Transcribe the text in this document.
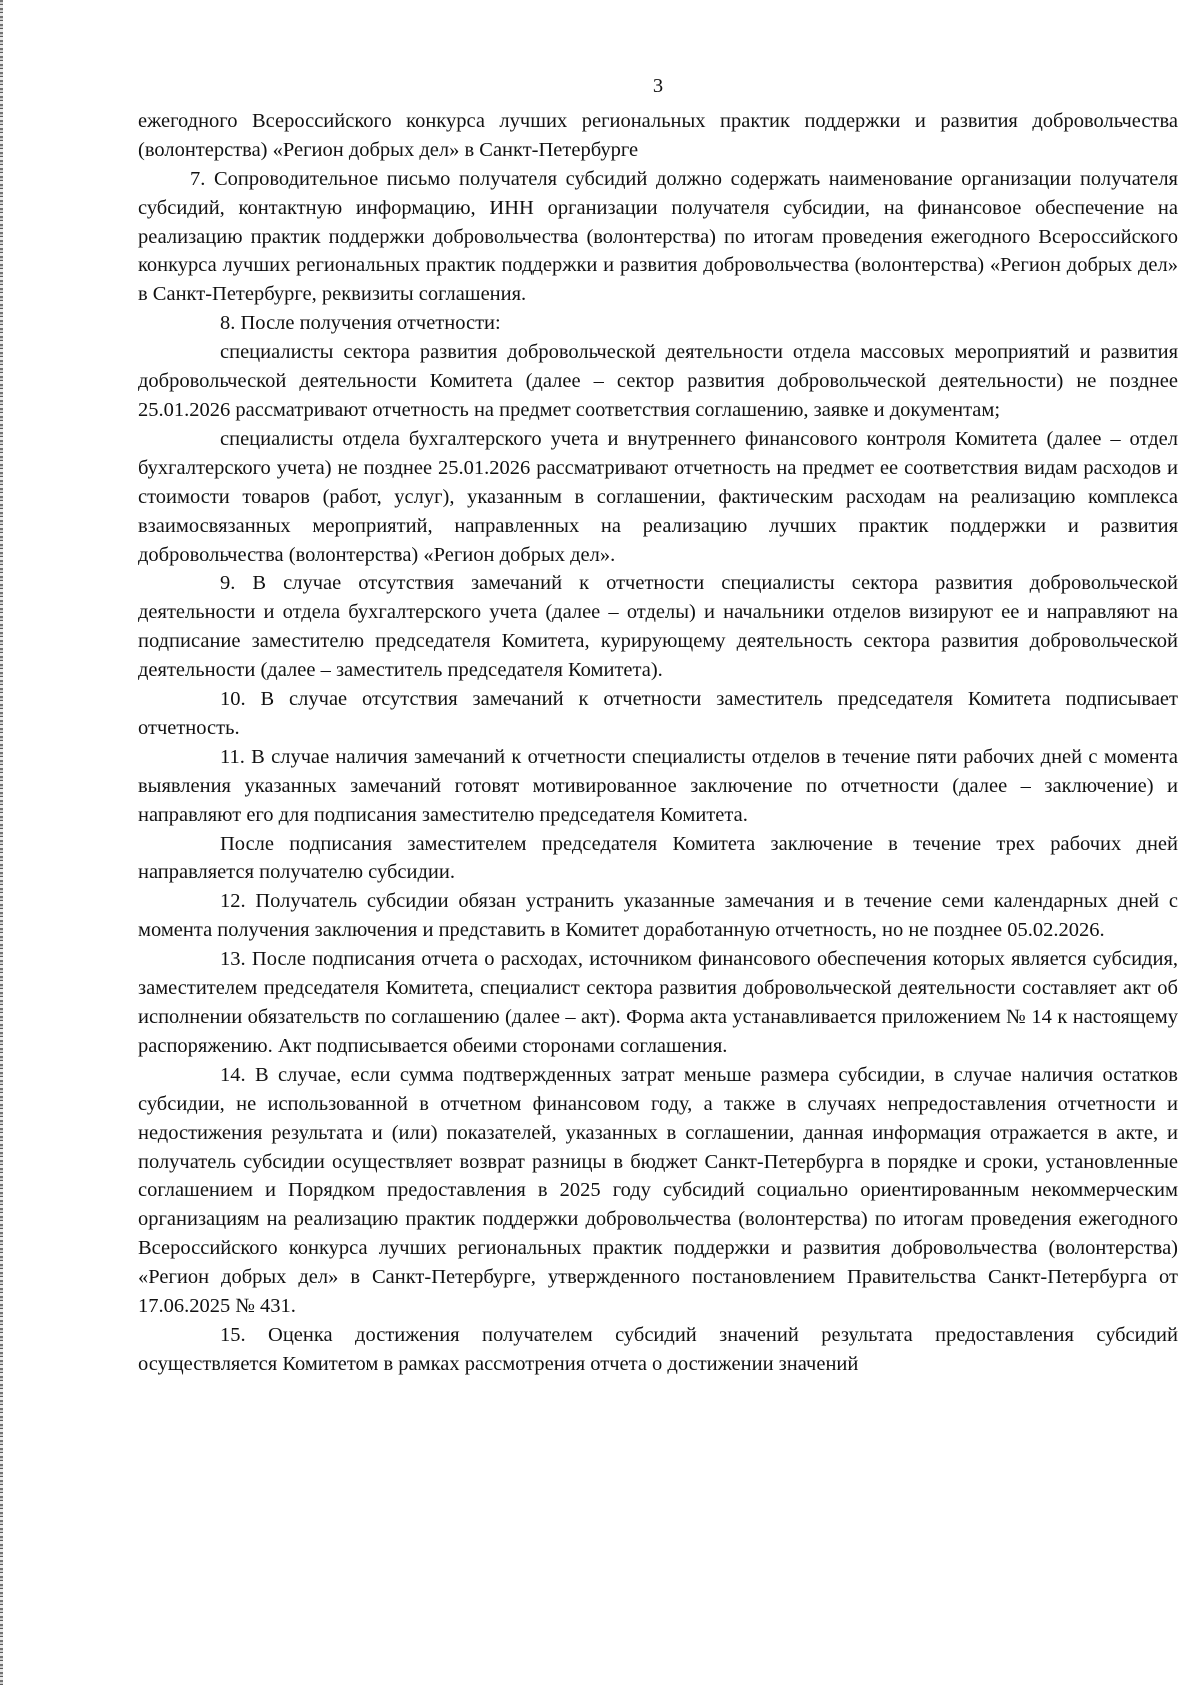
3

ежегодного Всероссийского конкурса лучших региональных практик поддержки и развития добровольчества (волонтерства) «Регион добрых дел» в Санкт-Петербурге

7. Сопроводительное письмо получателя субсидий должно содержать наименование организации получателя субсидий, контактную информацию, ИНН организации получателя субсидии, на финансовое обеспечение на реализацию практик поддержки добровольчества (волонтерства) по итогам проведения ежегодного Всероссийского конкурса лучших региональных практик поддержки и развития добровольчества (волонтерства) «Регион добрых дел» в Санкт-Петербурге, реквизиты соглашения.

8. После получения отчетности:

специалисты сектора развития добровольческой деятельности отдела массовых мероприятий и развития добровольческой деятельности Комитета (далее – сектор развития добровольческой деятельности) не позднее 25.01.2026 рассматривают отчетность на предмет соответствия соглашению, заявке и документам;

специалисты отдела бухгалтерского учета и внутреннего финансового контроля Комитета (далее – отдел бухгалтерского учета) не позднее 25.01.2026 рассматривают отчетность на предмет ее соответствия видам расходов и стоимости товаров (работ, услуг), указанным в соглашении, фактическим расходам на реализацию комплекса взаимосвязанных мероприятий, направленных на реализацию лучших практик поддержки и развития добровольчества (волонтерства) «Регион добрых дел».

9. В случае отсутствия замечаний к отчетности специалисты сектора развития добровольческой деятельности и отдела бухгалтерского учета (далее – отделы) и начальники отделов визируют ее и направляют на подписание заместителю председателя Комитета, курирующему деятельность сектора развития добровольческой деятельности (далее – заместитель председателя Комитета).

10. В случае отсутствия замечаний к отчетности заместитель председателя Комитета подписывает отчетность.

11. В случае наличия замечаний к отчетности специалисты отделов в течение пяти рабочих дней с момента выявления указанных замечаний готовят мотивированное заключение по отчетности (далее – заключение) и направляют его для подписания заместителю председателя Комитета.

После подписания заместителем председателя Комитета заключение в течение трех рабочих дней направляется получателю субсидии.

12. Получатель субсидии обязан устранить указанные замечания и в течение семи календарных дней с момента получения заключения и представить в Комитет доработанную отчетность, но не позднее 05.02.2026.

13. После подписания отчета о расходах, источником финансового обеспечения которых является субсидия, заместителем председателя Комитета, специалист сектора развития добровольческой деятельности составляет акт об исполнении обязательств по соглашению (далее – акт). Форма акта устанавливается приложением № 14 к настоящему распоряжению. Акт подписывается обеими сторонами соглашения.

14. В случае, если сумма подтвержденных затрат меньше размера субсидии, в случае наличия остатков субсидии, не использованной в отчетном финансовом году, а также в случаях непредоставления отчетности и недостижения результата и (или) показателей, указанных в соглашении, данная информация отражается в акте, и получатель субсидии осуществляет возврат разницы в бюджет Санкт-Петербурга в порядке и сроки, установленные соглашением и Порядком предоставления в 2025 году субсидий социально ориентированным некоммерческим организациям на реализацию практик поддержки добровольчества (волонтерства) по итогам проведения ежегодного Всероссийского конкурса лучших региональных практик поддержки и развития добровольчества (волонтерства) «Регион добрых дел» в Санкт-Петербурге, утвержденного постановлением Правительства Санкт-Петербурга от 17.06.2025 № 431.

15. Оценка достижения получателем субсидий значений результата предоставления субсидий осуществляется Комитетом в рамках рассмотрения отчета о достижении значений
